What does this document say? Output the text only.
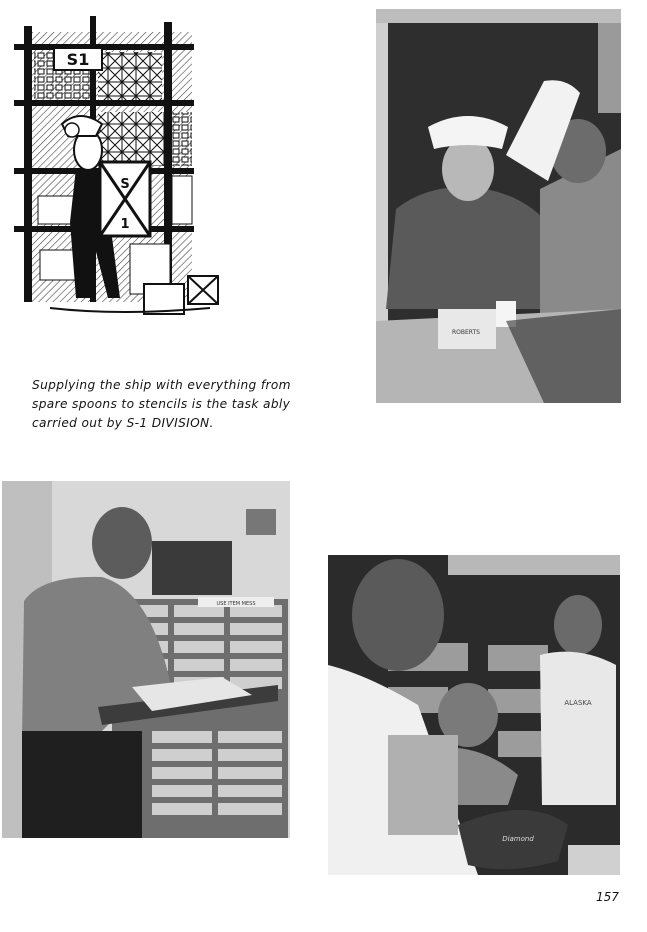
S1
S
1
ROBERTS
Supplying the ship with everything from spare spoons to stencils is the task ably carried out by S-1 DIVISION.
USE ITEM MESS
ALASKA
Diamond
157
